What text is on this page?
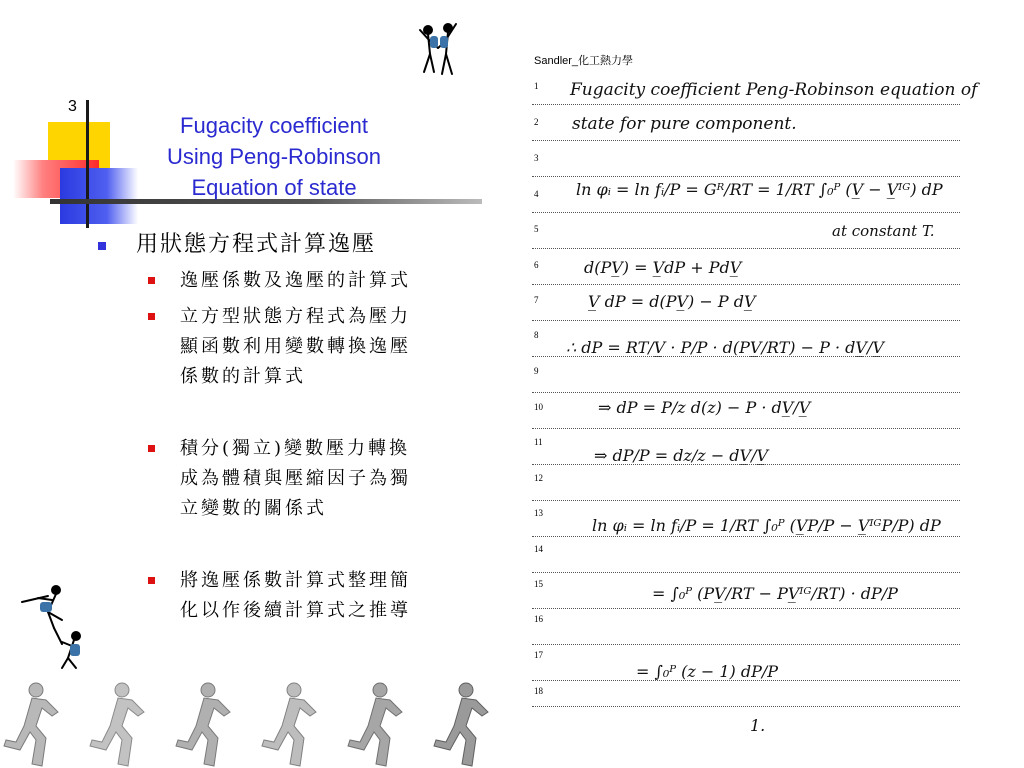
3
Fugacity coefficient
Using Peng-Robinson
Equation of state
用狀態方程式計算逸壓
逸壓係數及逸壓的計算式
立方型狀態方程式為壓力
顯函數利用變數轉換逸壓
係數的計算式
積分(獨立)變數壓力轉換
成為體積與壓縮因子為獨
立變數的關係式
將逸壓係數計算式整理簡
化以作後續計算式之推導
Sandler_化工熱力學
1
2
3
4
5
6
7
8
9
10
11
12
13
14
15
16
17
18
Fugacity coefficient Peng-Robinson equation of
state for pure component.
ln φᵢ = ln fᵢ/P = Gᴿ/RT = 1/RT ∫₀ᴾ (V̲ − V̲ᴵᴳ) dP
at constant T.
d(PV̲) = V̲dP + PdV̲
V̲ dP = d(PV̲) − P dV̲
∴ dP = RT/V̲ · P/P · d(PV̲/RT) − P · dV̲/V̲
⇒ dP = P/z d(z) − P · dV̲/V̲
⇒ dP/P = dz/z − dV̲/V̲
ln φᵢ = ln fᵢ/P = 1/RT ∫₀ᴾ (V̲P/P − V̲ᴵᴳP/P) dP
= ∫₀ᴾ (PV̲/RT − PV̲ᴵᴳ/RT) · dP/P
= ∫₀ᴾ (z − 1) dP/P
1.
